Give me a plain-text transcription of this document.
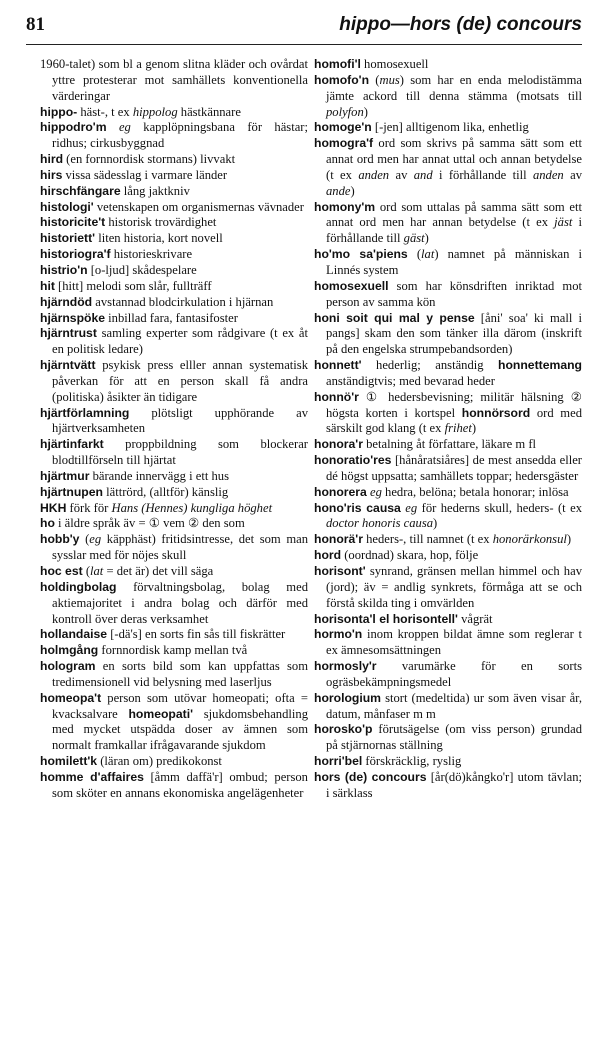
81	hippo—hors (de) concours

1960-talet) som bl a genom slitna kläder och ovårdat yttre protesterar mot samhällets konventionella värderingar

hippo- häst-, t ex hippolog hästkännare

hippodro'm eg kapplöpningsbana för hästar; ridhus; cirkusbyggnad

hird (en fornnordisk stormans) livvakt

hirs vissa sädesslag i varmare länder

hirschfängare lång jaktkniv

histologi' vetenskapen om organismernas vävnader

historicite't historisk trovärdighet

historiett' liten historia, kort novell

historiogra'f historieskrivare

histrio'n [o-ljud] skådespelare

hit [hitt] melodi som slår, fullträff

hjärndöd avstannad blodcirkulation i hjärnan

hjärnspöke inbillad fara, fantasifoster

hjärntrust samling experter som rådgivare (t ex åt en politisk ledare)

hjärntvätt psykisk press elller annan systematisk påverkan för att en person skall få andra (politiska) åsikter än tidigare

hjärtförlamning plötsligt upphörande av hjärtverksamheten

hjärtinfarkt proppbildning som blockerar blodtillförseln till hjärtat

hjärtmur bärande innervägg i ett hus

hjärtnupen lättrörd, (alltför) känslig

HKH förk för Hans (Hennes) kungliga höghet

ho i äldre språk äv = ① vem ② den som

hobb'y (eg käpphäst) fritidsintresse, det som man sysslar med för nöjes skull

hoc est (lat = det är) det vill säga

holdingbolag förvaltningsbolag, bolag med aktiemajoritet i andra bolag och därför med kontroll över deras verksamhet

hollandaise [-dä's] en sorts fin sås till fiskrätter

holmgång fornnordisk kamp mellan två

hologram en sorts bild som kan uppfattas som tredimensionell vid belysning med laserljus

homeopa't person som utövar homeopati; ofta = kvacksalvare homeopati' sjukdomsbehandling med mycket utspädda doser av ämnen som normalt framkallar ifrågavarande sjukdom

homilett'k (läran om) predikokonst

homme d'affaires [åmm daffä'r] ombud; person som sköter en annans ekonomiska angelägenheter

homofi'l homosexuell

homofo'n (mus) som har en enda melodistämma jämte ackord till denna stämma (motsats till polyfon)

homoge'n [-jen] alltigenom lika, enhetlig

homogra'f ord som skrivs på samma sätt som ett annat ord men har annat uttal och annan betydelse (t ex anden av and i förhållande till anden av ande)

homony'm ord som uttalas på samma sätt som ett annat ord men har annan betydelse (t ex jäst i förhållande till gäst)

ho'mo sa'piens (lat) namnet på människan i Linnés system

homosexuell som har könsdriften inriktad mot person av samma kön

honi soit qui mal y pense [åni' soa' ki mall i pangs] skam den som tänker illa därom (inskrift på den engelska strumpebandsorden)

honnett' hederlig; anständig honnettemang anständigtvis; med bevarad heder

honnö'r ① hedersbevisning; militär hälsning ② högsta korten i kortspel honnörsord ord med särskilt god klang (t ex frihet)

honora'r betalning åt författare, läkare m fl

honoratio'res [hånåratsiåres] de mest ansedda eller dé högst uppsatta; samhällets toppar; hedersgäster

honorera eg hedra, belöna; betala honorar; inlösa

hono'ris causa eg för hederns skull, heders- (t ex doctor honoris causa)

honorä'r heders-, till namnet (t ex honorärkonsul)

hord (oordnad) skara, hop, följe

horisont' synrand, gränsen mellan himmel och hav (jord); äv = andlig synkrets, förmåga att se och förstå skilda ting i omvärlden

horisonta'l el horisontell' vågrät

hormo'n inom kroppen bildat ämne som reglerar t ex ämnesomsättningen

hormosly'r varumärke för en sorts ogräsbekämpningsmedel

horologium stort (medeltida) ur som även visar år, datum, månfaser m m

horosko'p förutsägelse (om viss person) grundad på stjärnornas ställning

horri'bel förskräcklig, ryslig

hors (de) concours [år(dö)kångko'r] utom tävlan; i särklass
